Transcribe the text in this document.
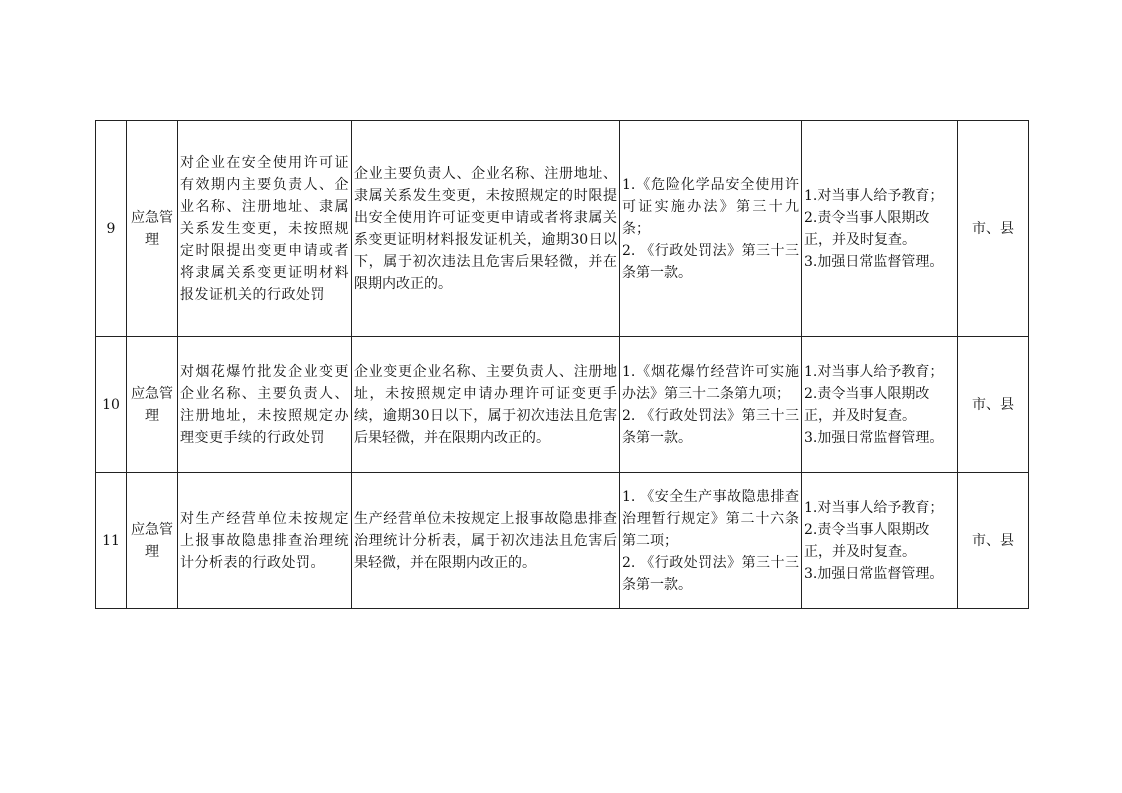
9	应急管理	对企业在安全使用许可证有效期内主要负责人、企业名称、注册地址、隶属关系发生变更，未按照规定时限提出变更申请或者将隶属关系变更证明材料报发证机关的行政处罚	企业主要负责人、企业名称、注册地址、隶属关系发生变更，未按照规定的时限提出安全使用许可证变更申请或者将隶属关系变更证明材料报发证机关，逾期30日以下，属于初次违法且危害后果轻微，并在限期内改正的。	1.《危险化学品安全使用许可证实施办法》第三十九条；
2. 《行政处罚法》第三十三条第一款。	1.对当事人给予教育；
2.责令当事人限期改正，并及时复查。
3.加强日常监督管理。	市、县

10	应急管理	对烟花爆竹批发企业变更企业名称、主要负责人、注册地址，未按照规定办理变更手续的行政处罚	企业变更企业名称、主要负责人、注册地址，未按照规定申请办理许可证变更手续，逾期30日以下，属于初次违法且危害后果轻微，并在限期内改正的。	1.《烟花爆竹经营许可实施办法》第三十二条第九项；
2. 《行政处罚法》第三十三条第一款。	1.对当事人给予教育；
2.责令当事人限期改正，并及时复查。
3.加强日常监督管理。	市、县

11	应急管理	对生产经营单位未按规定上报事故隐患排查治理统计分析表的行政处罚。	生产经营单位未按规定上报事故隐患排查治理统计分析表，属于初次违法且危害后果轻微，并在限期内改正的。	1. 《安全生产事故隐患排查治理暂行规定》第二十六条第二项；
2. 《行政处罚法》第三十三条第一款。	1.对当事人给予教育；
2.责令当事人限期改正，并及时复查。
3.加强日常监督管理。	市、县
